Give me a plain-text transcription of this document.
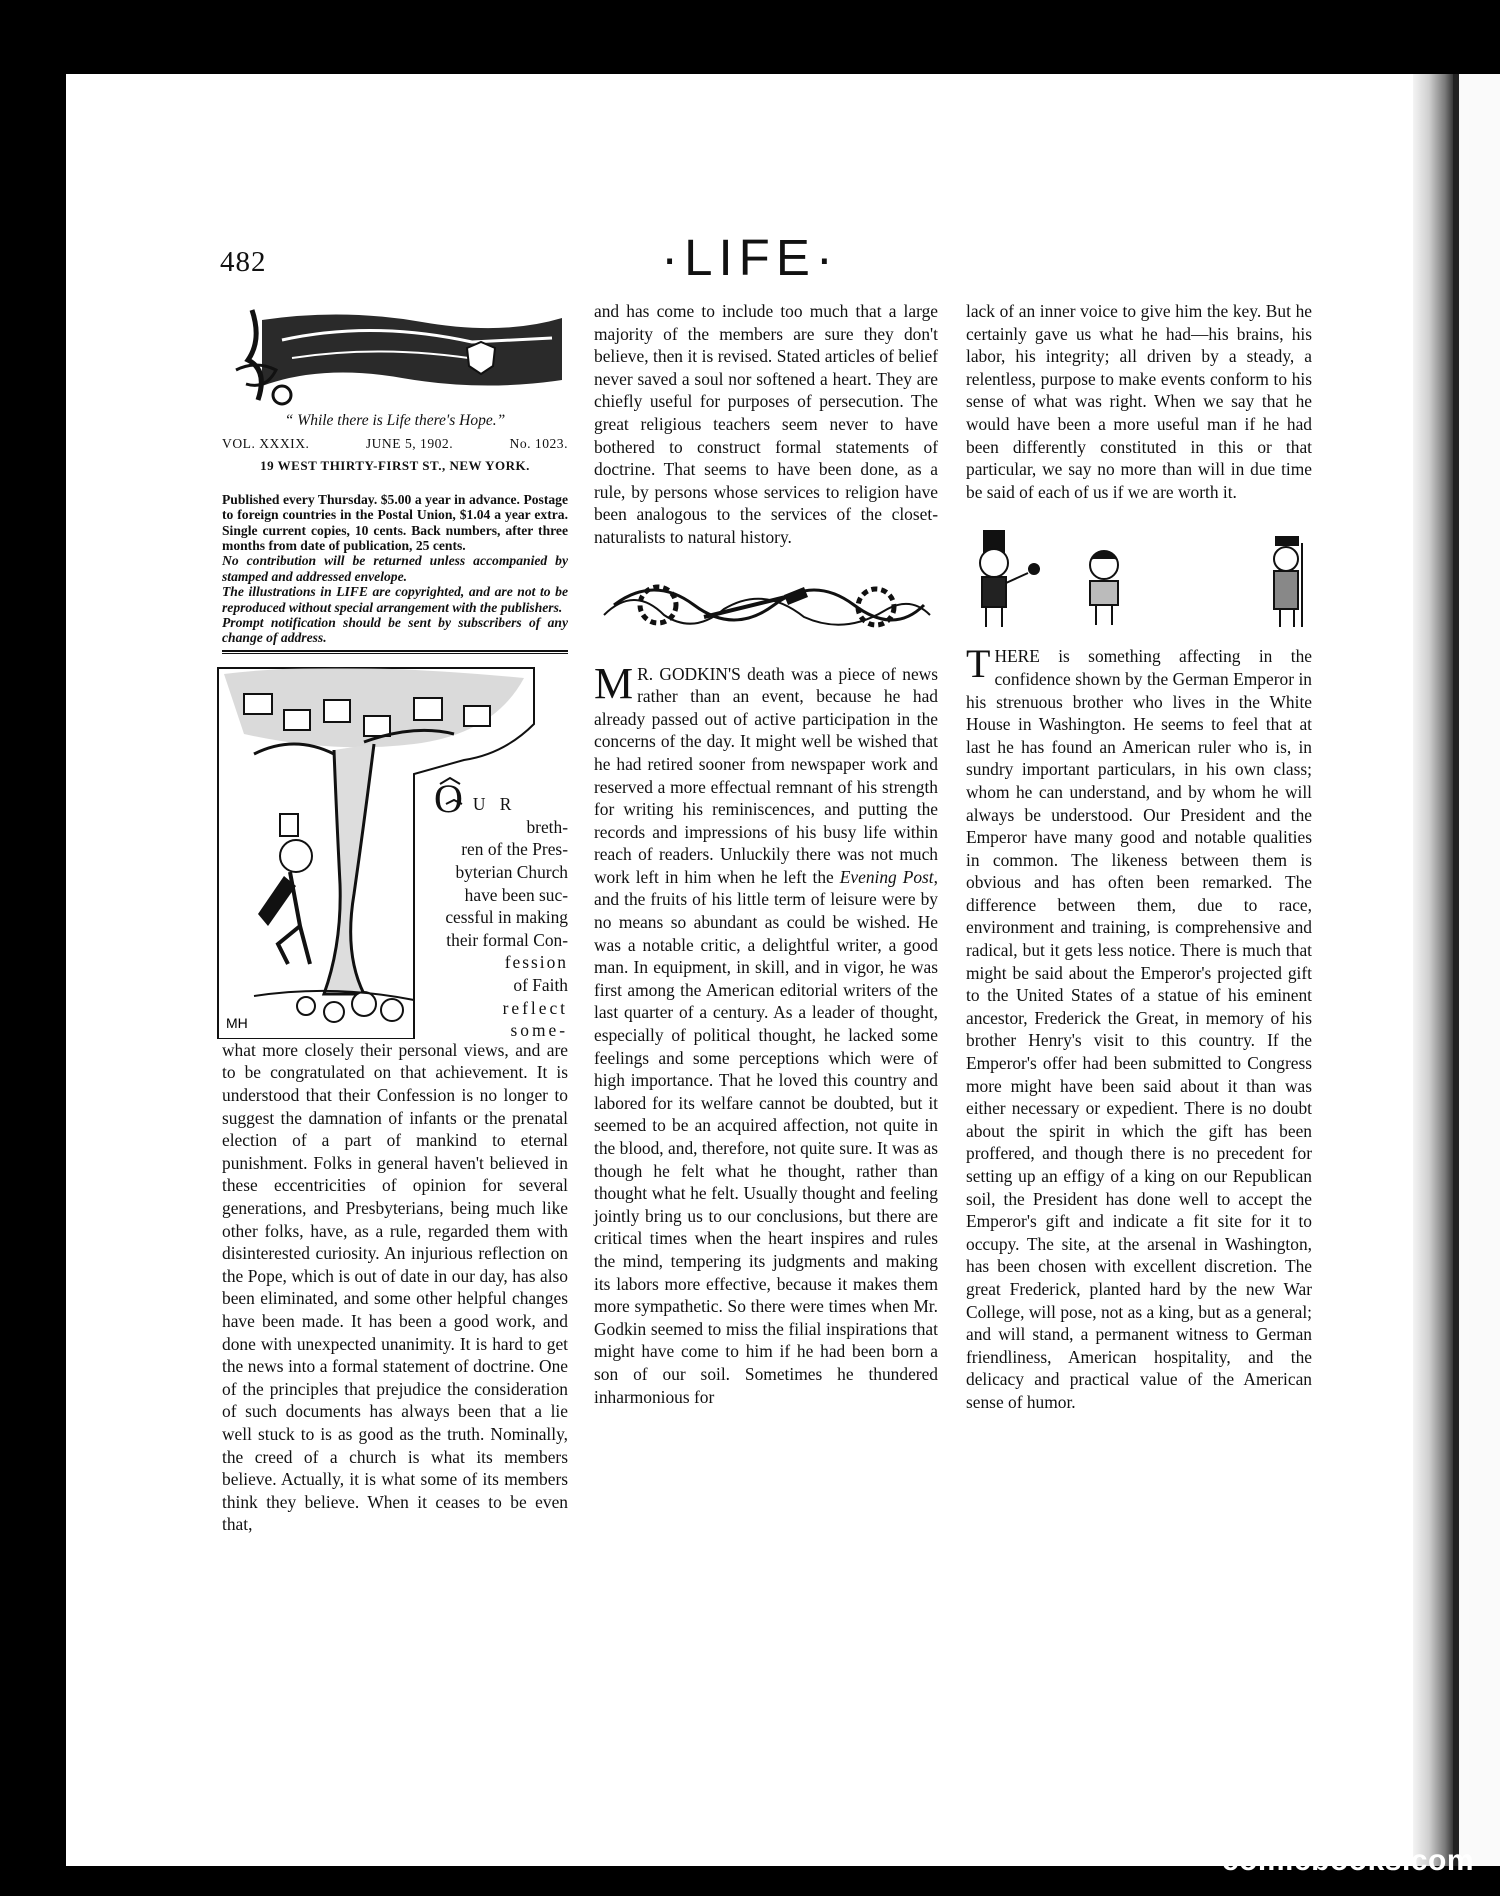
482	·LIFE·
“ While there is Life there's Hope.”
VOL. XXXIX.	JUNE 5, 1902.	No. 1023.
19 WEST THIRTY-FIRST ST., NEW YORK.

Published every Thursday. $5.00 a year in advance. Postage to foreign countries in the Postal Union, $1.04 a year extra. Single current copies, 10 cents. Back numbers, after three months from date of publication, 25 cents.

No contribution will be returned unless accompanied by stamped and addressed envelope.

The illustrations in LIFE are copyrighted, and are not to be reproduced without special arrangement with the publishers.

Prompt notification should be sent by subscribers of any change of address.

MH
O U R
breth-
ren of the Pres-
byterian Church
have been suc-
cessful in making
their formal Con-
fession
of Faith
reflect
some-

what more closely their personal views, and are to be congratulated on that achievement. It is understood that their Confession is no longer to suggest the damnation of infants or the prenatal election of a part of mankind to eternal punishment. Folks in general haven't believed in these eccentricities of opinion for several generations, and Presbyterians, being much like other folks, have, as a rule, regarded them with disinterested curiosity. An injurious reflection on the Pope, which is out of date in our day, has also been eliminated, and some other helpful changes have been made. It has been a good work, and done with unexpected unanimity. It is hard to get the news into a formal statement of doctrine. One of the principles that prejudice the consideration of such documents has always been that a lie well stuck to is as good as the truth. Nominally, the creed of a church is what its members believe. Actually, it is what some of its members think they believe. When it ceases to be even that,

and has come to include too much that a large majority of the members are sure they don't believe, then it is revised. Stated articles of belief never saved a soul nor softened a heart. They are chiefly useful for purposes of persecution. The great religious teachers seem never to have bothered to construct formal statements of doctrine. That seems to have been done, as a rule, by persons whose services to religion have been analogous to the services of the closet-naturalists to natural history.

M R. GODKIN'S death was a piece of news rather than an event, because he had already passed out of active participation in the concerns of the day. It might well be wished that he had retired sooner from newspaper work and reserved a more effectual remnant of his strength for writing his reminiscences, and putting the records and impressions of his busy life within reach of readers. Unluckily there was not much work left in him when he left the Evening Post, and the fruits of his little term of leisure were by no means so abundant as could be wished. He was a notable critic, a delightful writer, a good man. In equipment, in skill, and in vigor, he was first among the American editorial writers of the last quarter of a century. As a leader of thought, especially of political thought, he lacked some feelings and some perceptions which were of high importance. That he loved this country and labored for its welfare cannot be doubted, but it seemed to be an acquired affection, not quite in the blood, and, therefore, not quite sure. It was as though he felt what he thought, rather than thought what he felt. Usually thought and feeling jointly bring us to our conclusions, but there are critical times when the heart inspires and rules the mind, tempering its judgments and making its labors more effective, because it makes them more sympathetic. So there were times when Mr. Godkin seemed to miss the filial inspirations that might have come to him if he had been born a son of our soil. Sometimes he thundered inharmonious for

lack of an inner voice to give him the key. But he certainly gave us what he had—his brains, his labor, his integrity; all driven by a steady, a relentless, purpose to make events conform to his sense of what was right. When we say that he would have been a more useful man if he had been differently constituted in this or that particular, we say no more than will in due time be said of each of us if we are worth it.

THERE is something affecting in the confidence shown by the German Emperor in his strenuous brother who lives in the White House in Washington. He seems to feel that at last he has found an American ruler who is, in sundry important particulars, in his own class; whom he can understand, and by whom he will always be understood. Our President and the Emperor have many good and notable qualities in common. The likeness between them is obvious and has often been remarked. The difference between them, due to race, environment and training, is comprehensive and radical, but it gets less notice. There is much that might be said about the Emperor's projected gift to the United States of a statue of his eminent ancestor, Frederick the Great, in memory of his brother Henry's visit to this country. If the Emperor's offer had been submitted to Congress more might have been said about it than was either necessary or expedient. There is no doubt about the spirit in which the gift has been proffered, and though there is no precedent for setting up an effigy of a king on our Republican soil, the President has done well to accept the Emperor's gift and indicate a fit site for it to occupy. The site, at the arsenal in Washington, has been chosen with excellent discretion. The great Frederick, planted hard by the new War College, will pose, not as a king, but as a general; and will stand, a permanent witness to German friendliness, American hospitality, and the delicacy and practical value of the American sense of humor.

comicbooks.com
